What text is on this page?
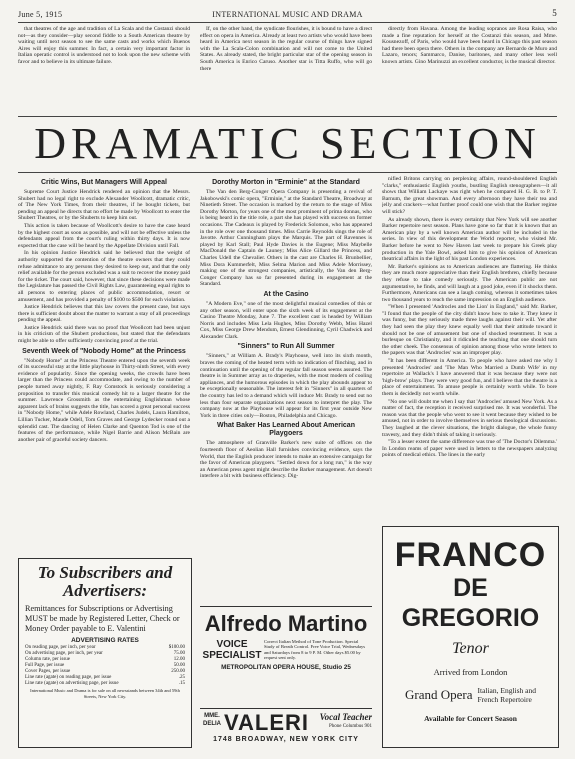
June 5, 1915	INTERNATIONAL MUSIC AND DRAMA	5

that theatres of the age and tradition of La Scala and the Costanzi should not—as they consider—play second fiddle to a South American theatre by waiting until next season to see the same casts and works which Buenos Aires will enjoy this summer. In fact, a certain very important factor in Italian operatic control is understood not to look upon the new scheme with favor and to believe in its ultimate failure.

If, on the other hand, the syndicate flourishes, it is bound to have a direct effect on opera in America. Already at least two artists who would have been heard in America next season in the regular course of things have signed with the La Scala-Colon combination and will not come to the United States. As already stated, the bright particular star of the opening season in South America is Enrico Caruso. Another star is Titta Ruffo, who will go there

directly from Havana. Among the leading sopranos are Rosa Raisa, who made a fine reputation for herself at the Costanzi this season, and Mme. Kousnezoff, of Paris, who would have been heard in Chicago this past season had there been opera there. Others in the company are Bernardo de Muro and Lazaro, tenors; Sammarco, Danise, baritones, and many other less well known artists. Gino Marinuzzi an excellent conductor, is the musical director.

DRAMATIC SECTION
Critic Wins, But Managers Will Appeal

Supreme Court Justice Hendrick rendered an opinion that the Messrs. Shubert had no legal right to exclude Alexander Woollcott, dramatic critic, of The New York Times, from their theatres, if he bought tickets, but pending an appeal he directs that no effort be made by Woollcott to enter the Shubert Theatres, or by the Shuberts to keep him out.

This action is taken because of Woollcott's desire to have the case heard by the highest court as soon as possible, and will not be effective unless the defendants appeal from the court's ruling within thirty days. It is now expected that the case will be heard by the Appellate Division until Fall.

In his opinion Justice Hendrick said he believed that the weight of authority supported the contention of the theatre owners that they could refuse admittance to any persons they desired to keep out, and that the only relief available for the person excluded was a suit to recover the money paid for the ticket. The court said, however, that since these decisions were made the Legislature has passed the Civil Rights Law, guaranteeing equal rights to all persons to entering places of public accommodation, resort or amusement, and has provided a penalty of $100 to $500 for each violation.

Justice Hendrick believes that this law covers the present case, but says there is sufficient doubt about the matter to warrant a stay of all proceedings pending the appeal.

Justice Hendrick said there was no proof that Woollcott had been unjust in his criticism of the Shubert productions, but stated that the defendants might be able to offer sufficiently convincing proof at the trial.

Seventh Week of "Nobody Home" at the Princess

"Nobody Home" at the Princess Theatre entered upon the seventh week of its successful stay at the little playhouse in Thirty-ninth Street, with every evidence of popularity. Since the opening weeks, the crowds have been larger than the Princess could accommodate, and owing to the number of people turned away nightly, F. Ray Comstock is seriously considering a proposition to transfer this musical comedy hit to a larger theatre for the summer. Lawrence Grossmith as the entertaining Englishman whose apparent lack of brains suggests the title, has scored a great personal success in "Nobody Home," while Adele Rowland, Charles Judels, Laura Hamilton, Lillian Tucker, Maude Odell, Tom Graves and George Lydecker round out a splendid cast. The dancing of Helen Clarke and Quenton Tod is one of the features of the performance, while Nigel Barrie and Alison McBain are another pair of graceful society dancers.

Dorothy Morton in "Erminie" at the Standard

The Van den Berg-Conger Opera Company is presenting a revival of Jakobowski's comic opera, "Erminie," at the Standard Theatre, Broadway at Ninetieth Street. The occasion is marked by the return to the stage of Miss Dorothy Morton, for years one of the most prominent of prima donnas, who is being heard in the title role, a part she has played with success on former occasions. The Cadeaux is played by Frederick Solomon, who has appeared in the role over one thousand times. Miss Carrie Reynolds sings the role of Javotte. Arthur Cunningham plays the Marquis. The part of Ravennes is played by Karl Stall; Paul Hyde Davies is the Eugene; Miss Maybelle MacDonald the Captain de Launey; Miss Alice Gillard the Princess, and Charles Udell the Chevalier. Others in the cast are Charles H. Brunbellier, Miss Dora Kummerfelt, Miss Selma Marion and Miss Adele Morrissey, making one of the strongest companies, artistically, the Van den Berg-Conger Company has so far presented during its engagement at the Standard.

At the Casino

"A Modern Eve," one of the most delightful musical comedies of this or any other season, will enter upon the sixth week of its engagement at the Casino Theatre Monday, June 7. The excellent cast is headed by William Norris and includes Miss Lela Hughes, Miss Dorothy Webb, Miss Hazel Cox, Miss George Drew Mendum, Ernest Glendinning, Cyril Chadwick and Alexander Clark.

"Sinners" to Run All Summer

"Sinners," at William A. Brady's Playhouse, well into its sixth month, braves the coming of the heated term with no indication of flinching, and in continuation until the opening of the regular fall season seems assured. The theatre is in Summer array as to draperies, with the most modern of cooling appliances, and the humorous episodes in which the play abounds appear to be exceptionally seasonable. The interest felt in "Sinners" in all quarters of the country has led to a demand which will induce Mr. Brady to send out no less than four separate organizations next season to interpret the play. The company now at the Playhouse will appear for its first year outside New York in three cities only—Boston, Philadelphia and Chicago.

What Baker Has Learned About American Playgoers

The atmosphere of Granville Barker's new suite of offices on the fourteenth floor of Aeolian Hall furnishes convincing evidence, says the World, that the English producer intends to make an extensive campaign for the favor of American playgoers. "Settled down for a long run," is the way an American press agent might describe the Barker management. Art doesn't interfere a bit with business efficiency. Dig-

nified Britons carrying on perplexing affairs, round-shouldered English "clarks," enthusiastic English youths, bustling English stenographers—it all shows that William Lackaye was right when he compared H. G. B. to P. T. Barnum, the great showman. And every afternoon they have their tea and jelly and crackers—what further proof could one wish that the Barker regime will stick?

As already shown, there is every certainty that New York will see another Barker repertoire next season. Plans have gone so far that it is known that an American play by a well known American author will be included in the series. In view of this development the World reporter, who visited Mr. Barker before he went to New Haven last week to prepare his Greek play production in the Yale Bowl, asked him to give his opinion of American theatrical affairs in the light of his past London experiences.

Mr. Barker's opinions as to American audiences are flattering. He thinks they are much more appreciative than their English brethren, chiefly because they refuse to take comedy seriously. The American public are not argumentative, he finds, and will laugh at a good joke, even if it shocks them. Furthermore, Americans can see a laugh coming, whereas it sometimes takes two thousand years to reach the same impression on an English audience.

"When I presented 'Androcles and the Lion' in England," said Mr. Barker, "I found that the people of the city didn't know how to take it. They knew it was funny, but they seriously made three laughs against their will. Yet after they had seen the play they knew equally well that their attitude toward it should not be one of amusement but one of shocked resentment. It was a burlesque on Christianity, and it ridiculed the teaching that one should turn the other cheek. The consensus of opinion among those who wrote letters to the papers was that 'Androcles' was an improper play.

"It has been different in America. To people who have asked me why I presented 'Androcles' and 'The Man Who Married a Dumb Wife' in my repertoire at Wallack's I have answered that it was because they were not 'high-brow' plays. They were very good fun, and I believe that the theatre is a place of entertainment. To amuse people is certainly worth while. To bore them is decidedly not worth while.

"No one will doubt me when I say that 'Androcles' amused New York. As a matter of fact, the reception it received surprised me. It was wonderful. The reason was that the people who went to see it went because they wished to be amused, not in order to involve themselves in serious theological discussions. They laughed at the clever situations, the bright dialogue, the whole funny travesty, and they didn't think of taking it seriously.

"To a lesser extent the same difference was true of 'The Doctor's Dilemma.' In London reams of paper were used in letters to the newspapers analyzing points of medical ethics. The lines in the early

To Subscribers and Advertisers:
Remittances for Subscriptions or Advertising MUST be made by Registered Letter, Check or Money Order payable to E. Valentini
ADVERTISING RATES
On reading page, per inch, per year	$100.00
On advertising page, per inch, per year	75.00
Column rate, per issue	12.00
Full Page, per issue	50.00
Cover Pages, per issue	250.00
Line rate (agate) on reading page, per issue	.25
Line rate (agate) on advertising page, per issue	.15
International Music and Drama is for sale on all newsstands between 34th and 59th Streets, New York City.
Alfredo Martino
VOICE
SPECIALIST
Correct Italian Method of Tone Production. Special Study of Breath Control. Free Voice Trial, Wednesdays and Saturdays from 8 to 9 P. M. Other days $5.00 by request sent only.
METROPOLITAN OPERA HOUSE, Studio 25
MME.
DELIA VALERI	Vocal Teacher
Phone Columbus 901
1748 BROADWAY, NEW YORK CITY
FRANCO
DE GREGORIO
Tenor
Arrived from London
Grand Opera Italian, English and
French Repertoire
Available for Concert Season
